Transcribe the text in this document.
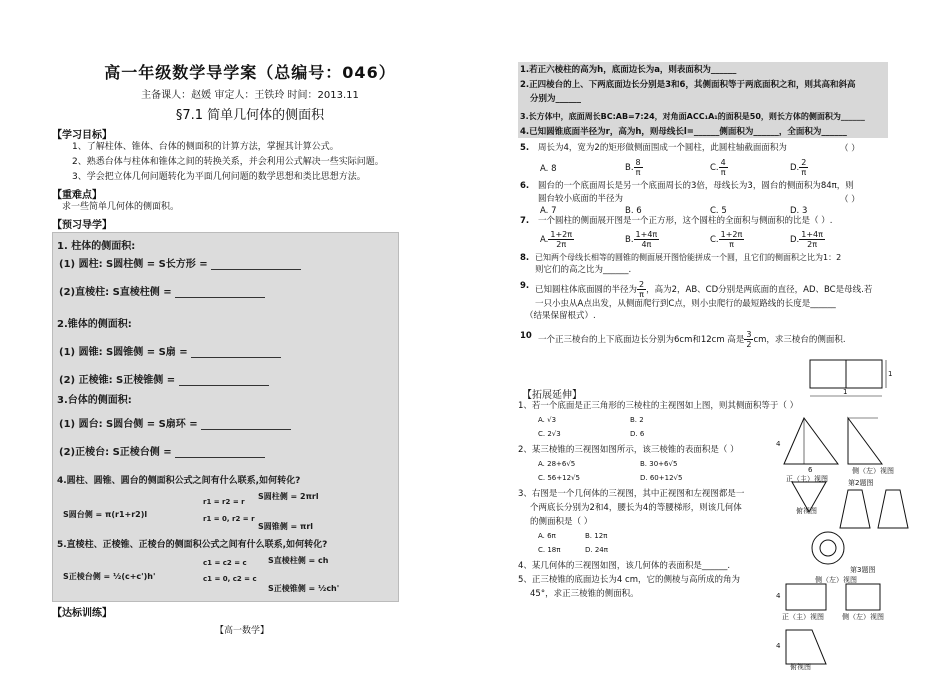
高一年级数学导学案（总编号：046）
主备课人：赵媛 审定人：王铁玲 时间：2013.11
§7.1 简单几何体的侧面积
【学习目标】
1、了解柱体、锥体、台体的侧面积的计算方法，掌握其计算公式。
2、熟悉台体与柱体和锥体之间的转换关系，并会利用公式解决一些实际问题。
3、学会把立体几何问题转化为平面几何问题的数学思想和类比思想方法。
【重难点】
求一些简单几何体的侧面积。
【预习导学】
1. 柱体的侧面积:
(1) 圆柱: S圆柱侧 = S长方形 =
(2)直棱柱: S直棱柱侧 =
2.锥体的侧面积:
(1) 圆锥: S圆锥侧 = S扇 =
(2) 正棱锥: S正棱锥侧 =
3.台体的侧面积:
(1) 圆台: S圆台侧 = S扇环 =
(2)正棱台: S正棱台侧 =
4.圆柱、圆锥、圆台的侧面积公式之间有什么联系,如何转化?
S圆柱侧 = 2πrl
S圆台侧 = π(r1+r2)l
r1 = r2 = r
r1 = 0, r2 = r
S圆锥侧 = πrl
5.直棱柱、正棱锥、正棱台的侧面积公式之间有什么联系,如何转化?
S直棱柱侧 = ch
S正棱台侧 = ½(c+c')h'
c1 = c2 = c
c1 = 0, c2 = c
S正棱锥侧 = ½ch'
【达标训练】
【高一数学】
1.若正六棱柱的高为h，底面边长为a，则表面积为______
2.正四棱台的上、下两底面边长分别是3和6，其侧面积等于两底面积之和，则其高和斜高
分别为______
3.长方体中，底面周长BC:AB=7:24，对角面ACC₁A₁的面积是50，则长方体的侧面积为______
4.已知圆锥底面半径为r，高为h，则母线长l=______侧面积为______，全面积为______
5. 周长为4，宽为2的矩形做侧面围成一个圆柱，此圆柱轴截面面积为	（ ）
A. 8	B. $\frac{8}{\pi}$	C. $\frac{4}{\pi}$	D. $\frac{2}{\pi}$
6. 圆台的一个底面周长是另一个底面周长的3倍，母线长为3，圆台的侧面积为84π，则
圆台较小底面的半径为	（ ）
A. 7	B. 6	C. 5	D. 3
7. 一个圆柱的侧面展开图是一个正方形，这个圆柱的全面积与侧面积的比是（ ）.
A. $\frac{1+2\pi}{2\pi}$	B. $\frac{1+4\pi}{4\pi}$	C. $\frac{1+2\pi}{\pi}$	D. $\frac{1+4\pi}{2\pi}$
8. 已知两个母线长相等的圆锥的侧面展开图恰能拼成一个圆，且它们的侧面积之比为1：2
则它们的高之比为______.
9. 已知圆柱体底面圆的半径为 $\frac{2}{\pi}$ ，高为2，AB、CD分别是两底面的直径，AD、BC是母线.若
一只小虫从A点出发，从侧面爬行到C点，则小虫爬行的最短路线的长度是______
（结果保留根式）.
10 一个正三棱台的上下底面边长分别为6cm和12cm 高是 $\frac{3}{2}$ cm，求三棱台的侧面积.
1
1
【拓展延伸】
1、若一个底面是正三角形的三棱柱的主视图如上图，则其侧面积等于（ ）
A. √3	B. 2
C. 2√3	D. 6
2、某三棱锥的三视图如图所示，该三棱锥的表面积是（ ）
A. 28+6√5	B. 30+6√5
C. 56+12√5	D. 60+12√5
3、右图是一个几何体的三视图，其中正视图和左视图都是一
个两底长分别为2和4，腰长为4的等腰梯形，则该几何体
的侧面积是（ ）
A. 6π	B. 12π
C. 18π	D. 24π
4、某几何体的三视图如图，该几何体的表面积是______.
5、正三棱锥的底面边长为4 cm，它的侧棱与高所成的角为
45°，求正三棱锥的侧面积。
4
6
正（主）视图
侧（左）视图
第2题图
俯视图
第3题图
侧（左）视图
4
正（主）视图	侧（左）视图
4
俯视图
